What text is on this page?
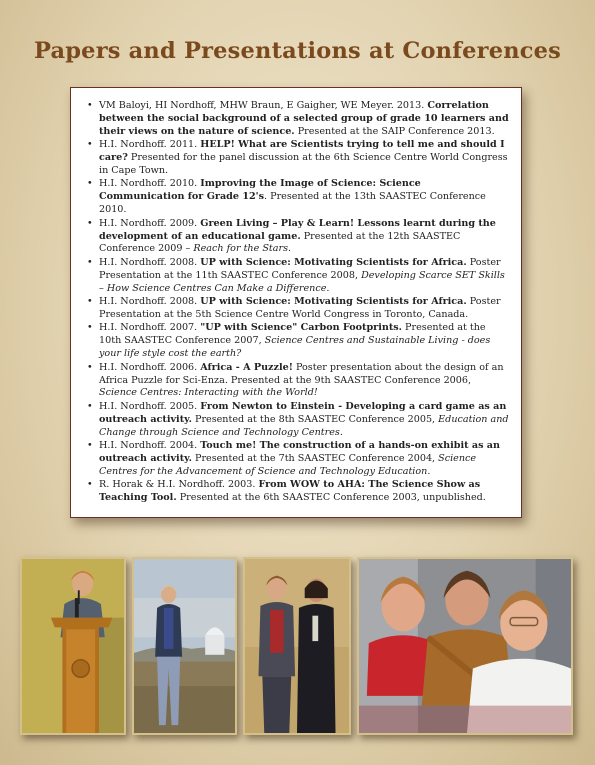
Papers and Presentations at Conferences
• VM Baloyi, HI Nordhoff, MHW Braun, E Gaigher, WE Meyer. 2013. Correlation between the social background of a selected group of grade 10 learners and their views on the nature of science. Presented at the SAIP Conference 2013.
• H.I. Nordhoff. 2011. HELP! What are Scientists trying to tell me and should I care? Presented for the panel discussion at the 6th Science Centre World Congress in Cape Town.
• H.I. Nordhoff. 2010. Improving the Image of Science: Science Communication for Grade 12's. Presented at the 13th SAASTEC Conference 2010.
• H.I. Nordhoff. 2009. Green Living – Play & Learn! Lessons learnt during the development of an educational game. Presented at the 12th SAASTEC Conference 2009 – Reach for the Stars.
• H.I. Nordhoff. 2008. UP with Science: Motivating Scientists for Africa. Poster Presentation at the 11th SAASTEC Conference 2008, Developing Scarce SET Skills – How Science Centres Can Make a Difference.
• H.I. Nordhoff. 2008. UP with Science: Motivating Scientists for Africa. Poster Presentation at the 5th Science Centre World Congress in Toronto, Canada.
• H.I. Nordhoff. 2007. "UP with Science" Carbon Footprints. Presented at the 10th SAASTEC Conference 2007, Science Centres and Sustainable Living - does your life style cost the earth?
• H.I. Nordhoff. 2006. Africa - A Puzzle! Poster presentation about the design of an Africa Puzzle for Sci-Enza. Presented at the 9th SAASTEC Conference 2006, Science Centres: Interacting with the World!
• H.I. Nordhoff. 2005. From Newton to Einstein - Developing a card game as an outreach activity. Presented at the 8th SAASTEC Conference 2005, Education and Change through Science and Technology Centres.
• H.I. Nordhoff. 2004. Touch me! The construction of a hands-on exhibit as an outreach activity. Presented at the 7th SAASTEC Conference 2004, Science Centres for the Advancement of Science and Technology Education.
• R. Horak & H.I. Nordhoff. 2003. From WOW to AHA: The Science Show as Teaching Tool. Presented at the 6th SAASTEC Conference 2003, unpublished.
